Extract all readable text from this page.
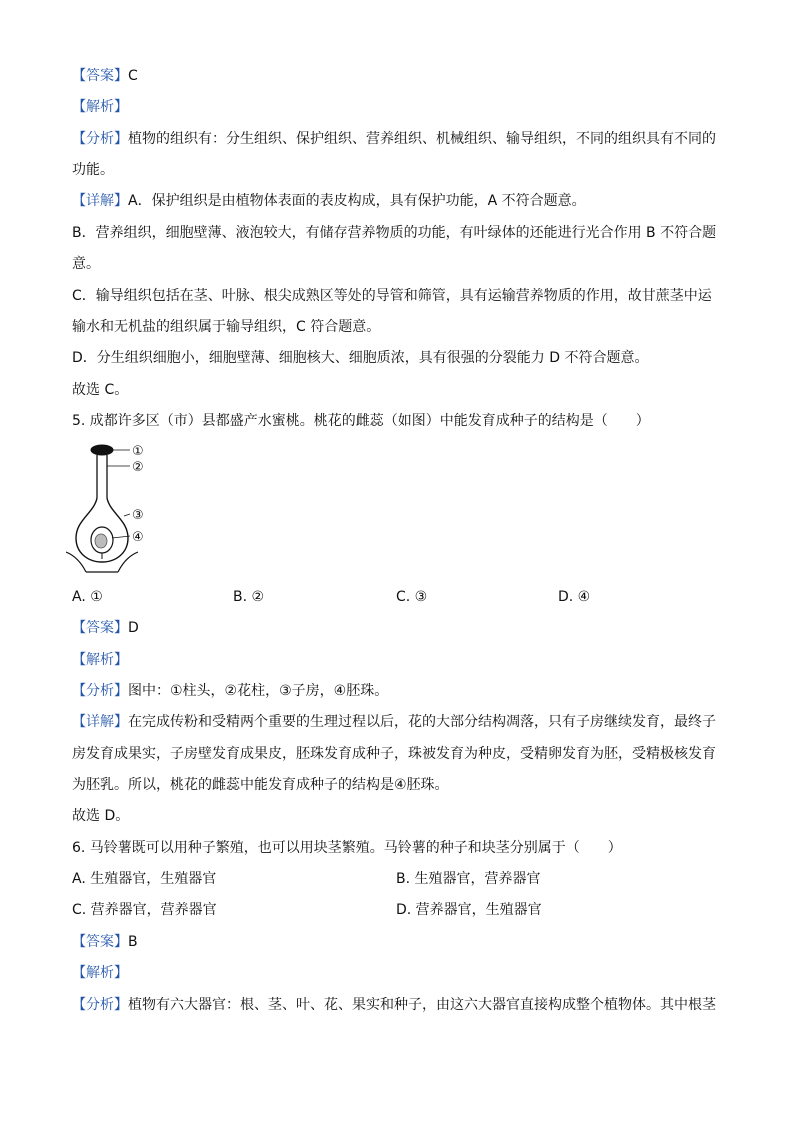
【答案】C
【解析】
【分析】植物的组织有：分生组织、保护组织、营养组织、机械组织、输导组织，不同的组织具有不同的
功能。
【详解】A．保护组织是由植物体表面的表皮构成，具有保护功能，A 不符合题意。
B．营养组织，细胞壁薄、液泡较大，有储存营养物质的功能，有叶绿体的还能进行光合作用 B 不符合题
意。
C．输导组织包括在茎、叶脉、根尖成熟区等处的导管和筛管，具有运输营养物质的作用，故甘蔗茎中运
输水和无机盐的组织属于输导组织，C 符合题意。
D．分生组织细胞小，细胞壁薄、细胞核大、细胞质浓，具有很强的分裂能力 D 不符合题意。
故选 C。
5. 成都许多区（市）县都盛产水蜜桃。桃花的雌蕊（如图）中能发育成种子的结构是（　　）
①
②
③
④
A. ①	B. ②	C. ③	D. ④
【答案】D
【解析】
【分析】图中：①柱头，②花柱，③子房，④胚珠。
【详解】在完成传粉和受精两个重要的生理过程以后，花的大部分结构凋落，只有子房继续发育，最终子
房发育成果实，子房壁发育成果皮，胚珠发育成种子，珠被发育为种皮，受精卵发育为胚，受精极核发育
为胚乳。所以，桃花的雌蕊中能发育成种子的结构是④胚珠。
故选 D。
6. 马铃薯既可以用种子繁殖，也可以用块茎繁殖。马铃薯的种子和块茎分别属于（　　）
A. 生殖器官，生殖器官	B. 生殖器官，营养器官
C. 营养器官，营养器官	D. 营养器官，生殖器官
【答案】B
【解析】
【分析】植物有六大器官：根、茎、叶、花、果实和种子，由这六大器官直接构成整个植物体。其中根茎
